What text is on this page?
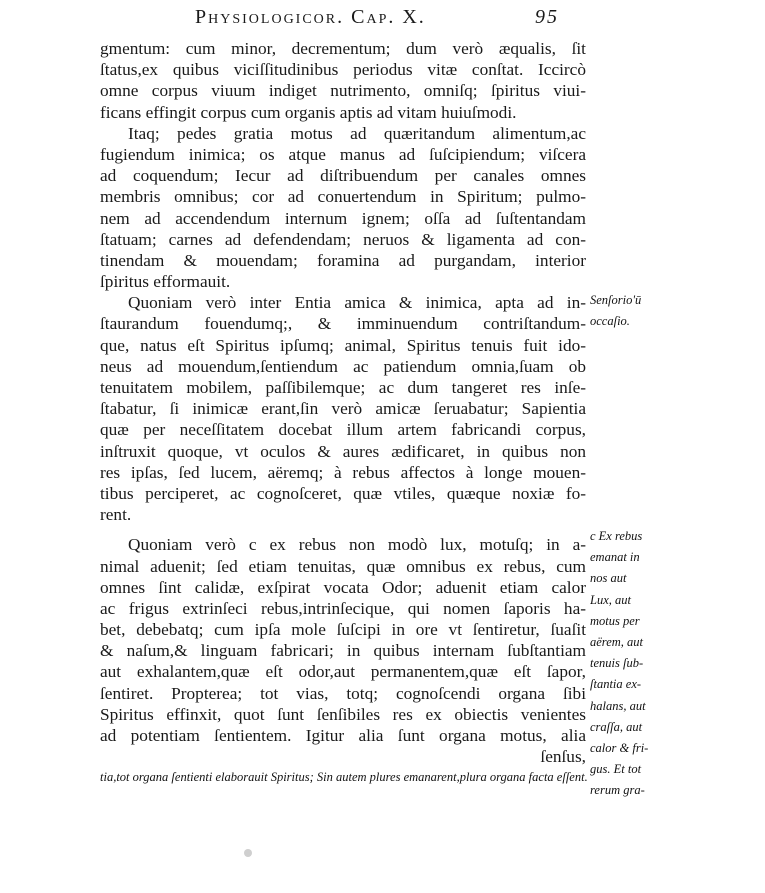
Physiologicor. Cap. X.	95
gmentum: cum minor, decrementum; dum verò æqualis, ſit
ſtatus,ex quibus viciſſitudinibus periodus vitæ conſtat. Iccircò
omne corpus viuum indiget nutrimento, omniſq; ſpiritus viui-
ficans effingit corpus cum organis aptis ad vitam huiuſmodi.
Itaq; pedes gratia motus ad quæritandum alimentum,ac
fugiendum inimica; os atque manus ad ſuſcipiendum; viſcera
ad coquendum; Iecur ad diſtribuendum per canales omnes
membris omnibus; cor ad conuertendum in Spiritum; pulmo-
nem ad accendendum internum ignem; oſſa ad ſuſtentandam
ſtatuam; carnes ad defendendam; neruos & ligamenta ad con-
tinendam & mouendam; foramina ad purgandam, interior
ſpiritus efformauit.
Quoniam verò inter Entia amica & inimica, apta ad in-
ſtaurandum fouendumq;, & imminuendum contriſtandum-
que, natus eſt Spiritus ipſumq; animal, Spiritus tenuis fuit ido-
neus ad mouendum,ſentiendum ac patiendum omnia,ſuam ob
tenuitatem mobilem, paſſibilemque; ac dum tangeret res inſe-
ſtabatur, ſi inimicæ erant,ſin verò amicæ ſeruabatur; Sapientia
quæ per neceſſitatem docebat illum artem fabricandi corpus,
inſtruxit quoque, vt oculos & aures ædificaret, in quibus non
res ipſas, ſed lucem, aëremq; à rebus affectos à longe mouen-
tibus perciperet, ac cognoſceret, quæ vtiles, quæque noxiæ fo-
rent.
Quoniam verò c ex rebus non modò lux, motuſq; in a-
nimal aduenit; ſed etiam tenuitas, quæ omnibus ex rebus, cum
omnes ſint calidæ, exſpirat vocata Odor; aduenit etiam calor
ac frigus extrinſeci rebus,intrinſecique, qui nomen ſaporis ha-
bet, debebatq; cum ipſa mole ſuſcipi in ore vt ſentiretur, ſuaſit
& naſum,& linguam fabricari; in quibus internam ſubſtantiam
aut exhalantem,quæ eſt odor,aut permanentem,quæ eſt ſapor,
ſentiret. Propterea; tot vias, totq; cognoſcendi organa ſibi
Spiritus effinxit, quot ſunt ſenſibiles res ex obiectis venientes
ad potentiam ſentientem. Igitur alia ſunt organa motus, alia
ſenſus,
Senſorio'ū
occaſio.
c Ex rebus
emanat in
nos aut
Lux, aut
motus per
aërem, aut
tenuis ſub-
ſtantia ex-
halans, aut
craſſa, aut
calor & fri-
gus. Et tot
rerum gra-
tia,tot organa ſentienti elaborauit Spiritus; Sin autem plures emanarent,plura organa facta eſſent.
